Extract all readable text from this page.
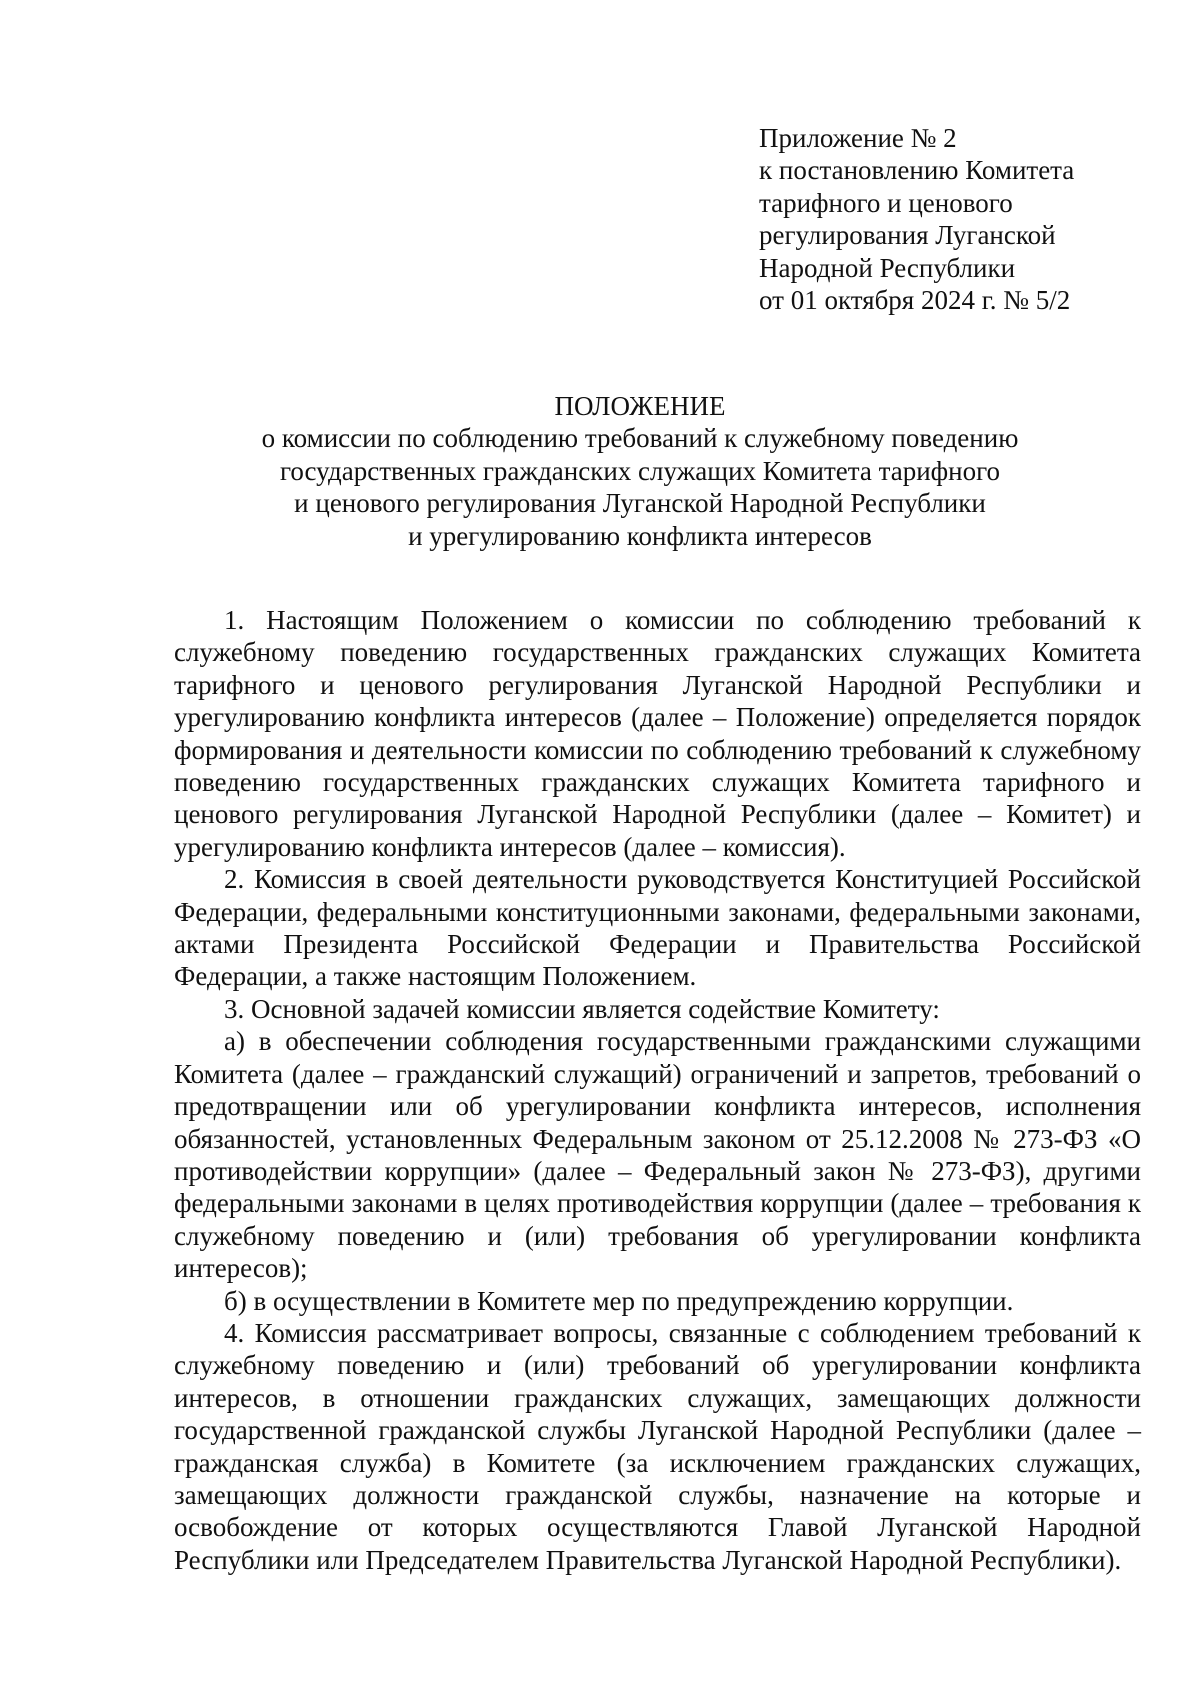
Приложение № 2
к постановлению Комитета
тарифного и ценового
регулирования Луганской
Народной Республики
от 01 октября 2024 г. № 5/2
ПОЛОЖЕНИЕ
о комиссии по соблюдению требований к служебному поведению
государственных гражданских служащих Комитета тарифного
и ценового регулирования Луганской Народной Республики
и урегулированию конфликта интересов

1. Настоящим Положением о комиссии по соблюдению требований к служебному поведению государственных гражданских служащих Комитета тарифного и ценового регулирования Луганской Народной Республики и урегулированию конфликта интересов (далее – Положение) определяется порядок формирования и деятельности комиссии по соблюдению требований к служебному поведению государственных гражданских служащих Комитета тарифного и ценового регулирования Луганской Народной Республики (далее – Комитет) и урегулированию конфликта интересов (далее – комиссия).

2. Комиссия в своей деятельности руководствуется Конституцией Российской Федерации, федеральными конституционными законами, федеральными законами, актами Президента Российской Федерации и Правительства Российской Федерации, а также настоящим Положением.

3. Основной задачей комиссии является содействие Комитету:

а) в обеспечении соблюдения государственными гражданскими служащими Комитета (далее – гражданский служащий) ограничений и запретов, требований о предотвращении или об урегулировании конфликта интересов, исполнения обязанностей, установленных Федеральным законом от 25.12.2008 № 273-ФЗ «О противодействии коррупции» (далее – Федеральный закон № 273-ФЗ), другими федеральными законами в целях противодействия коррупции (далее – требования к служебному поведению и (или) требования об урегулировании конфликта интересов);

б) в осуществлении в Комитете мер по предупреждению коррупции.

4. Комиссия рассматривает вопросы, связанные с соблюдением требований к служебному поведению и (или) требований об урегулировании конфликта интересов, в отношении гражданских служащих, замещающих должности государственной гражданской службы Луганской Народной Республики (далее – гражданская служба) в Комитете (за исключением гражданских служащих, замещающих должности гражданской службы, назначение на которые и освобождение от которых осуществляются Главой Луганской Народной Республики или Председателем Правительства Луганской Народной Республики).
